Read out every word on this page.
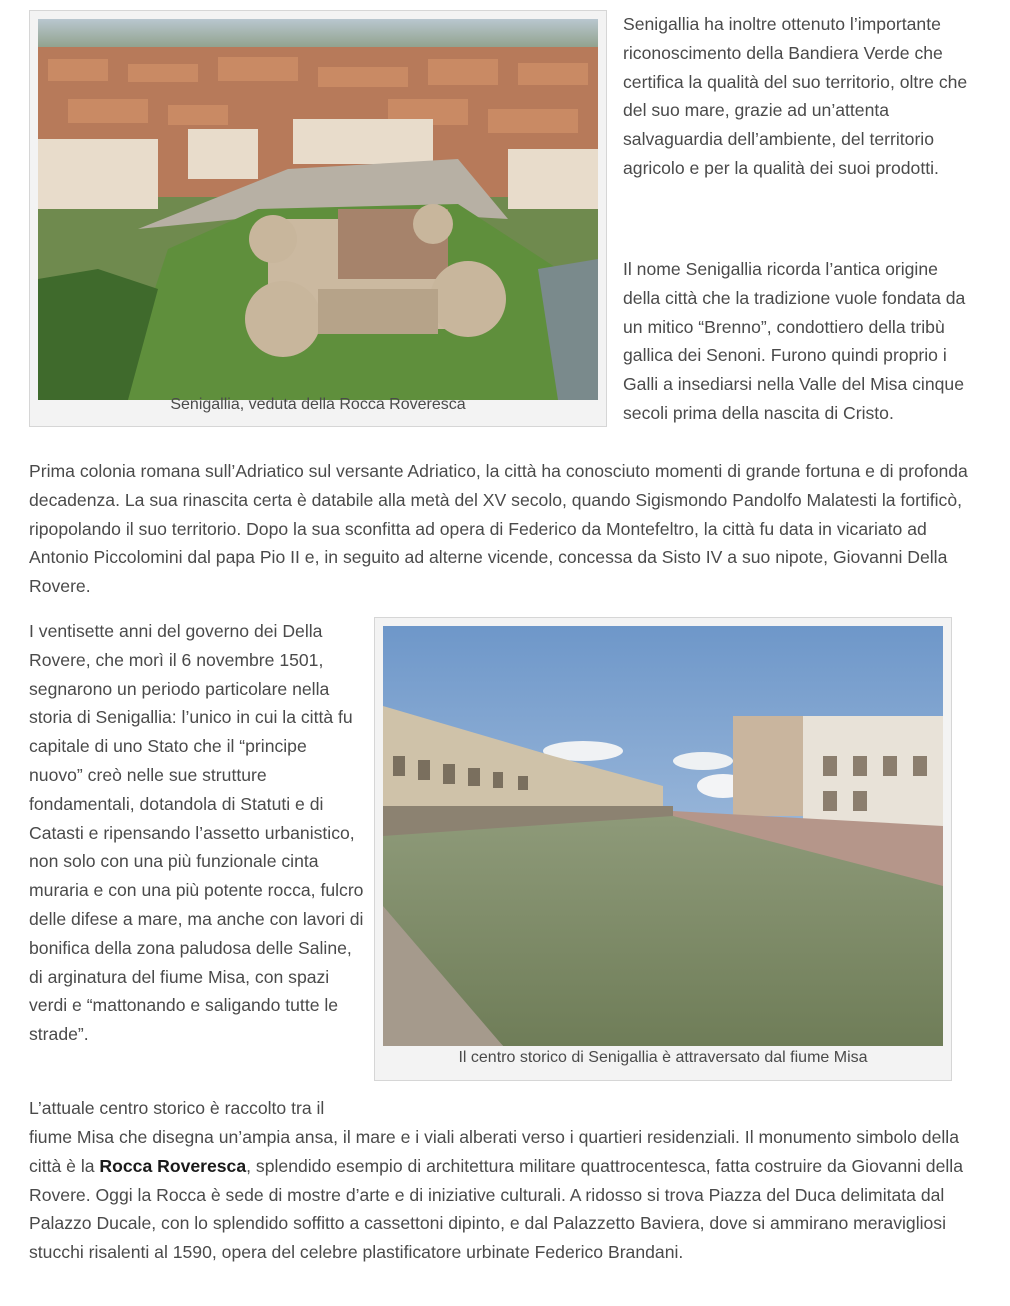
Senigallia, veduta della Rocca Roveresca

Senigallia ha inoltre ottenuto l’importante riconoscimento della Bandiera Verde che certifica la qualità del suo territorio, oltre che del suo mare, grazie ad un’attenta salvaguardia dell’ambiente, del territorio agricolo e per la qualità dei suoi prodotti.

Il nome Senigallia ricorda l’antica origine della città che la tradizione vuole fondata da un mitico “Brenno”, condottiero della tribù gallica dei Senoni. Furono quindi proprio i Galli a insediarsi nella Valle del Misa cinque secoli prima della nascita di Cristo.

Prima colonia romana sull’Adriatico sul versante Adriatico, la città ha conosciuto momenti di grande fortuna e di profonda decadenza. La sua rinascita certa è databile alla metà del XV secolo, quando Sigismondo Pandolfo Malatesti la fortificò, ripopolando il suo territorio. Dopo la sua sconfitta ad opera di Federico da Montefeltro, la città fu data in vicariato ad Antonio Piccolomini dal papa Pio II e, in seguito ad alterne vicende, concessa da Sisto IV a suo nipote, Giovanni Della Rovere.

Il centro storico di Senigallia è attraversato dal fiume Misa

I ventisette anni del governo dei Della Rovere, che morì il 6 novembre 1501, segnarono un periodo particolare nella storia di Senigallia: l’unico in cui la città fu capitale di uno Stato che il “principe nuovo” creò nelle sue strutture fondamentali, dotandola di Statuti e di Catasti e ripensando l’assetto urbanistico, non solo con una più funzionale cinta muraria e con una più potente rocca, fulcro delle difese a mare, ma anche con lavori di bonifica della zona paludosa delle Saline, di arginatura del fiume Misa, con spazi verdi e “mattonando e saligando tutte le strade”.

L’attuale centro storico è raccolto tra il

fiume Misa che disegna un’ampia ansa, il mare e i viali alberati verso i quartieri residenziali. Il monumento simbolo della città è la Rocca Roveresca, splendido esempio di architettura militare quattrocentesca, fatta costruire da Giovanni della Rovere. Oggi la Rocca è sede di mostre d’arte e di iniziative culturali. A ridosso si trova Piazza del Duca delimitata dal Palazzo Ducale, con lo splendido soffitto a cassettoni dipinto, e dal Palazzetto Baviera, dove si ammirano meravigliosi stucchi risalenti al 1590, opera del celebre plastificatore urbinate Federico Brandani.
